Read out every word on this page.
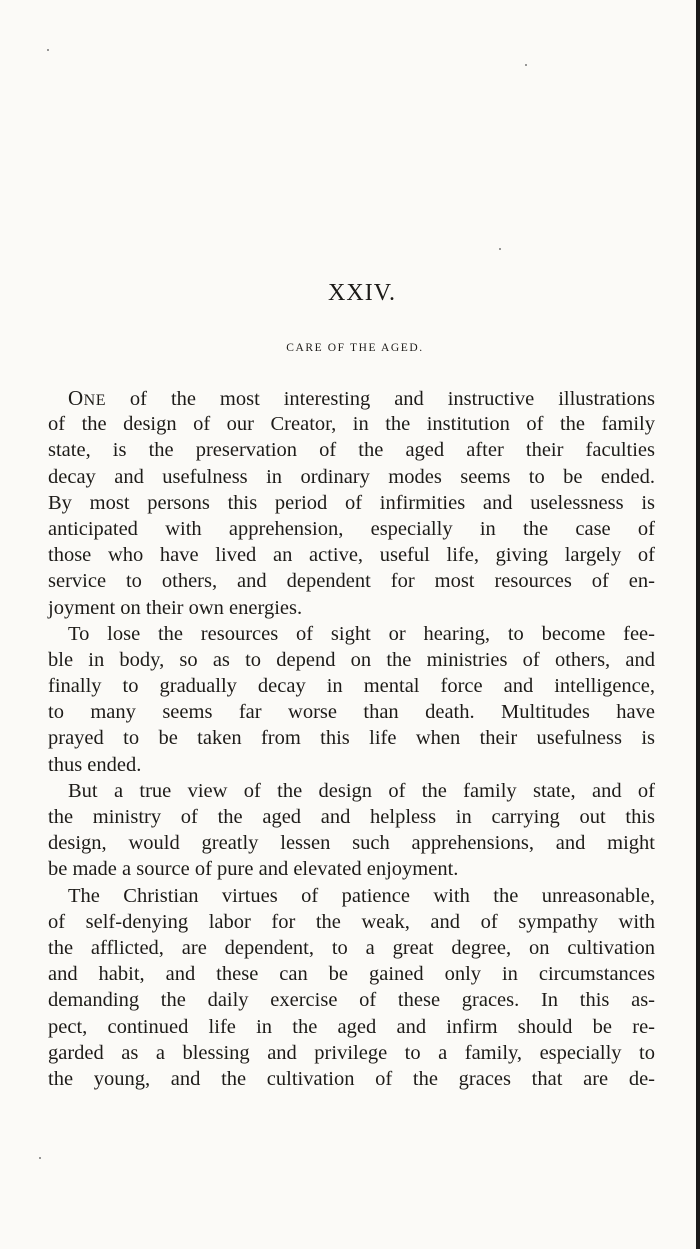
XXIV.
CARE OF THE AGED.
ONE of the most interesting and instructive illustrations
of the design of our Creator, in the institution of the family
state, is the preservation of the aged after their faculties
decay and usefulness in ordinary modes seems to be ended.
By most persons this period of infirmities and uselessness is
anticipated with apprehension, especially in the case of
those who have lived an active, useful life, giving largely of
service to others, and dependent for most resources of en-
joyment on their own energies.
To lose the resources of sight or hearing, to become fee-
ble in body, so as to depend on the ministries of others, and
finally to gradually decay in mental force and intelligence,
to many seems far worse than death. Multitudes have
prayed to be taken from this life when their usefulness is
thus ended.
But a true view of the design of the family state, and of
the ministry of the aged and helpless in carrying out this
design, would greatly lessen such apprehensions, and might
be made a source of pure and elevated enjoyment.
The Christian virtues of patience with the unreasonable,
of self-denying labor for the weak, and of sympathy with
the afflicted, are dependent, to a great degree, on cultivation
and habit, and these can be gained only in circumstances
demanding the daily exercise of these graces. In this as-
pect, continued life in the aged and infirm should be re-
garded as a blessing and privilege to a family, especially to
the young, and the cultivation of the graces that are de-
